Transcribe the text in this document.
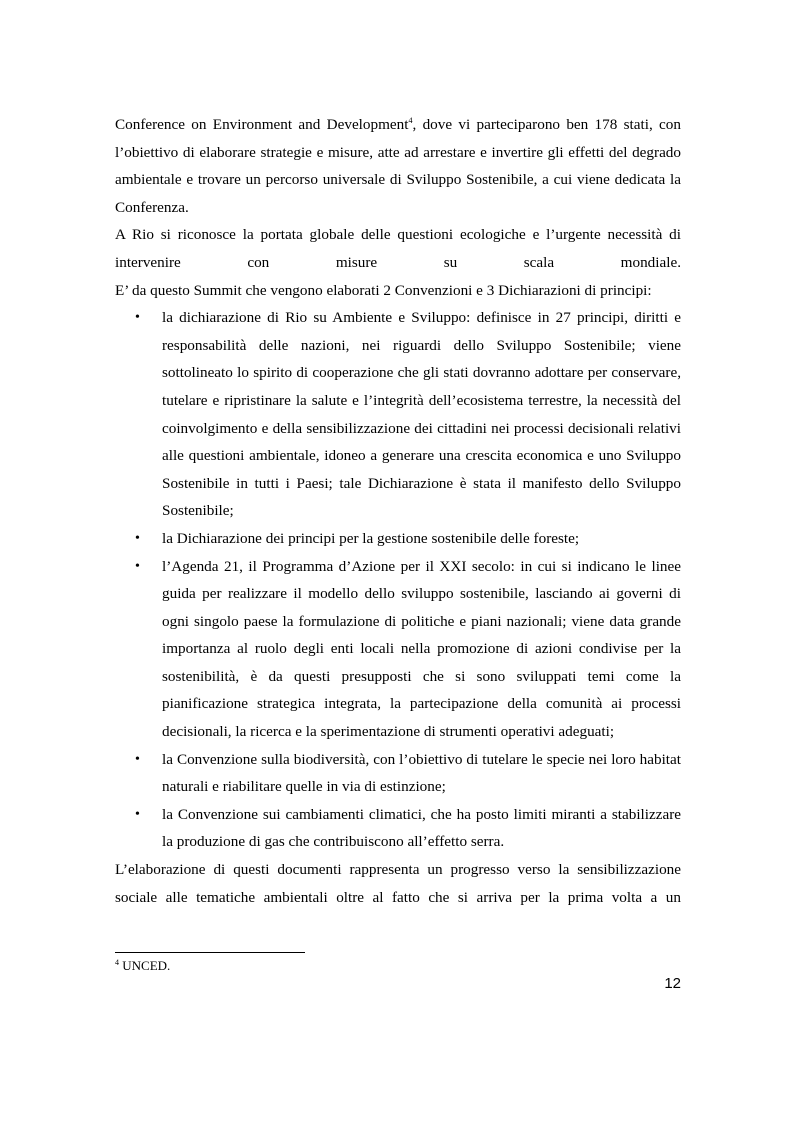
Conference on Environment and Development$^4$, dove vi parteciparono ben 178 stati, con l’obiettivo di elaborare strategie e misure, atte ad arrestare e invertire gli effetti del degrado ambientale e trovare un percorso universale di Sviluppo Sostenibile, a cui viene dedicata la Conferenza.

A Rio si riconosce la portata globale delle questioni ecologiche e l’urgente necessità di intervenire con misure su scala mondiale.

E’ da questo Summit che vengono elaborati 2 Convenzioni e 3 Dichiarazioni di principi:

• la dichiarazione di Rio su Ambiente e Sviluppo: definisce in 27 principi, diritti e responsabilità delle nazioni, nei riguardi dello Sviluppo Sostenibile; viene sottolineato lo spirito di cooperazione che gli stati dovranno adottare per conservare, tutelare e ripristinare la salute e l’integrità dell’ecosistema terrestre, la necessità del coinvolgimento e della sensibilizzazione dei cittadini nei processi decisionali relativi alle questioni ambientale, idoneo a generare una crescita economica e uno Sviluppo Sostenibile in tutti i Paesi; tale Dichiarazione è stata il manifesto dello Sviluppo Sostenibile;
• la Dichiarazione dei principi per la gestione sostenibile delle foreste;
• l’Agenda 21, il Programma d’Azione per il XXI secolo: in cui si indicano le linee guida per realizzare il modello dello sviluppo sostenibile, lasciando ai governi di ogni singolo paese la formulazione di politiche e piani nazionali; viene data grande importanza al ruolo degli enti locali nella promozione di azioni condivise per la sostenibilità, è da questi presupposti che si sono sviluppati temi come la pianificazione strategica integrata, la partecipazione della comunità ai processi decisionali, la ricerca e la sperimentazione di strumenti operativi adeguati;
• la Convenzione sulla biodiversità, con l’obiettivo di tutelare le specie nei loro habitat naturali e riabilitare quelle in via di estinzione;
• la Convenzione sui cambiamenti climatici, che ha posto limiti miranti a stabilizzare la produzione di gas che contribuiscono all’effetto serra.

L’elaborazione di questi documenti rappresenta un progresso verso la sensibilizzazione sociale alle tematiche ambientali oltre al fatto che si arriva per la prima volta a un

$^4$ UNCED.
12
